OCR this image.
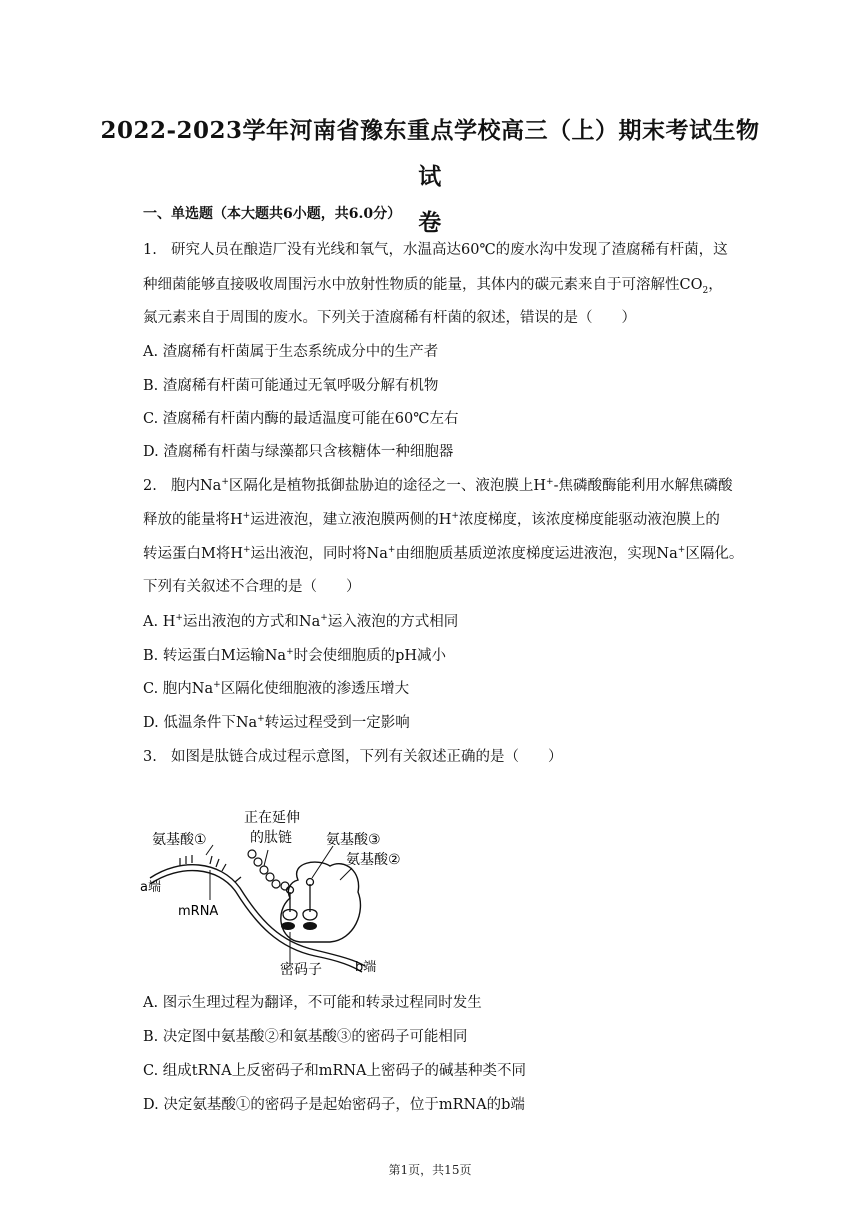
2022-2023学年河南省豫东重点学校高三（上）期末考试生物试
卷
一、单选题（本大题共6小题，共6.0分）
1. 研究人员在酿造厂没有光线和氧气，水温高达60℃的废水沟中发现了渣腐稀有杆菌，这
种细菌能够直接吸收周围污水中放射性物质的能量，其体内的碳元素来自于可溶解性$CO_2$，
氮元素来自于周围的废水。下列关于渣腐稀有杆菌的叙述，错误的是（　　）
A. 渣腐稀有杆菌属于生态系统成分中的生产者
B. 渣腐稀有杆菌可能通过无氧呼吸分解有机物
C. 渣腐稀有杆菌内酶的最适温度可能在60℃左右
D. 渣腐稀有杆菌与绿藻都只含核糖体一种细胞器
2. 胞内Na+区隔化是植物抵御盐胁迫的途径之一、液泡膜上H+-焦磷酸酶能利用水解焦磷酸
释放的能量将H+运进液泡，建立液泡膜两侧的H+浓度梯度，该浓度梯度能驱动液泡膜上的
转运蛋白M将H+运出液泡，同时将Na+由细胞质基质逆浓度梯度运进液泡，实现Na+区隔化。
下列有关叙述不合理的是（　　）
A. H+运出液泡的方式和Na+运入液泡的方式相同
B. 转运蛋白M运输Na+时会使细胞质的pH减小
C. 胞内Na+区隔化使细胞液的渗透压增大
D. 低温条件下Na+转运过程受到一定影响
3. 如图是肽链合成过程示意图，下列有关叙述正确的是（　　）
正在延伸
的肽链
氨基酸①	氨基酸③
氨基酸②
a端
mRNA
密码子	b端
A. 图示生理过程为翻译，不可能和转录过程同时发生
B. 决定图中氨基酸②和氨基酸③的密码子可能相同
C. 组成tRNA上反密码子和mRNA上密码子的碱基种类不同
D. 决定氨基酸①的密码子是起始密码子，位于mRNA的b端
第1页，共15页
